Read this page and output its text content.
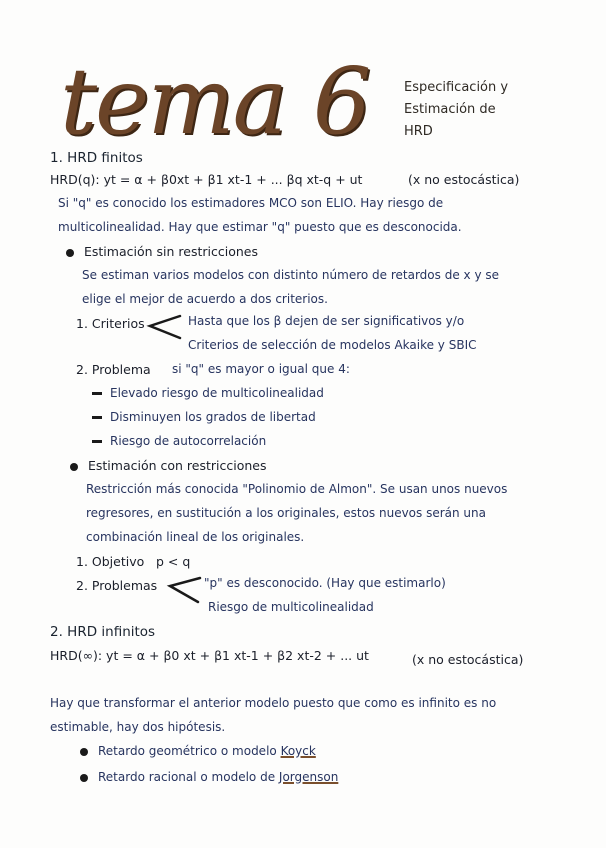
tema 6	Especificación y
Estimación de
HRD
1. HRD finitos
HRD(q): yt = α + β0xt + β1 xt-1 + ... βq xt-q + ut	(x no estocástica)
Si "q" es conocido los estimadores MCO son ELIO. Hay riesgo de
multicolinealidad. Hay que estimar "q" puesto que es desconocida.
Estimación sin restricciones
Se estiman varios modelos con distinto número de retardos de x y se
elige el mejor de acuerdo a dos criterios.
1. Criterios	Hasta que los β dejen de ser significativos y/o
Criterios de selección de modelos Akaike y SBIC
2. Problema si "q" es mayor o igual que 4:
Elevado riesgo de multicolinealidad
Disminuyen los grados de libertad
Riesgo de autocorrelación
Estimación con restricciones
Restricción más conocida "Polinomio de Almon". Se usan unos nuevos
regresores, en sustitución a los originales, estos nuevos serán una
combinación lineal de los originales.
1. Objetivo p < q
2. Problemas	"p" es desconocido. (Hay que estimarlo)
Riesgo de multicolinealidad
2. HRD infinitos
HRD(∞): yt = α + β0 xt + β1 xt-1 + β2 xt-2 + ... ut	(x no estocástica)
Hay que transformar el anterior modelo puesto que como es infinito es no
estimable, hay dos hipótesis.
Retardo geométrico o modelo Koyck
Retardo racional o modelo de Jorgenson
